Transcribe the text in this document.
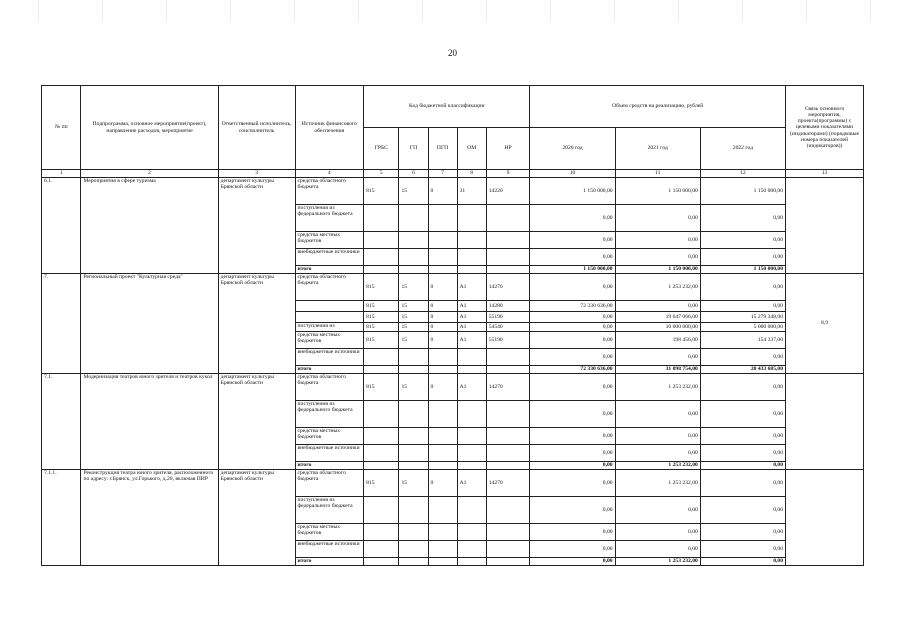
20
№ пп	Подпрограмма, основное мероприятие(проект), направление расходов, мероприятие	Ответственный исполнитель, соисполнитель	Источник финансового обеспечения	Код бюджетной классификации					Объем средств на реализацию, рублей			Связь основного мероприятия, проекта(программы) с целевыми показателями (индикаторами) (порядковые номера показателей (индикаторов))
				ГРБС	ГП	ПГП	ОМ	НР	2020 год	2021 год	2022 год	
1	2	3	4	5	6	7	8	9	10	11	12	13
6.1.	Мероприятия в сфере туризма	департамент культуры Брянской области	средства областного бюджета	815	15	0	31	14220	1 150 000,00	1 150 000,00	1 150 000,00	
			поступления из федерального бюджета						0,00	0,00	0,00	
			средства местных бюджетов						0,00	0,00	0,00	
			внебюджетные источники						0,00	0,00	0,00	
			итого						1 150 000,00	1 150 000,00	1 150 000,00	
7.	Региональный проект "Культурная среда"	департамент культуры Брянской области	средства областного бюджета	815	15	0	A1	14270	0,00	1 253 232,00	0,00	8,9
				815	15	0	A1	14280	72 330 636,00	0,00	0,00	
				815	15	0	A1	55190	0,00	19 647 066,00	15 279 348,00	
			поступления из	815	15	0	A1	54540	0,00	10 000 000,00	5 000 000,00	
			средства местных бюджетов	815	15	0	A1	55190	0,00	198 456,00	154 337,00	
			внебюджетные источники						0,00	0,00	0,00	
			итого						72 330 636,00	31 098 754,00	20 433 685,00	
7.1.	Модернизация театров юного зрителя и театров кукол	департамент культуры Брянской области	средства областного бюджета	815	15	0	A1	14270	0,00	1 253 232,00	0,00	
			поступления из федерального бюджета						0,00	0,00	0,00	
			средства местных бюджетов						0,00	0,00	0,00	
			внебюджетные источники						0,00	0,00	0,00	
			итого						0,00	1 253 232,00	0,00	
7.1.1.	Реконструкция театра юного зрителя, расположенного по адресу: г.Брянск, ул.Горького, д.20, включая ПИР	департамент культуры Брянской области	средства областного бюджета	815	15	0	A1	14270	0,00	1 253 232,00	0,00	
			поступления из федерального бюджета						0,00	0,00	0,00	
			средства местных бюджетов						0,00	0,00	0,00	
			внебюджетные источники						0,00	0,00	0,00	
			итого						0,00	1 253 232,00	0,00	
